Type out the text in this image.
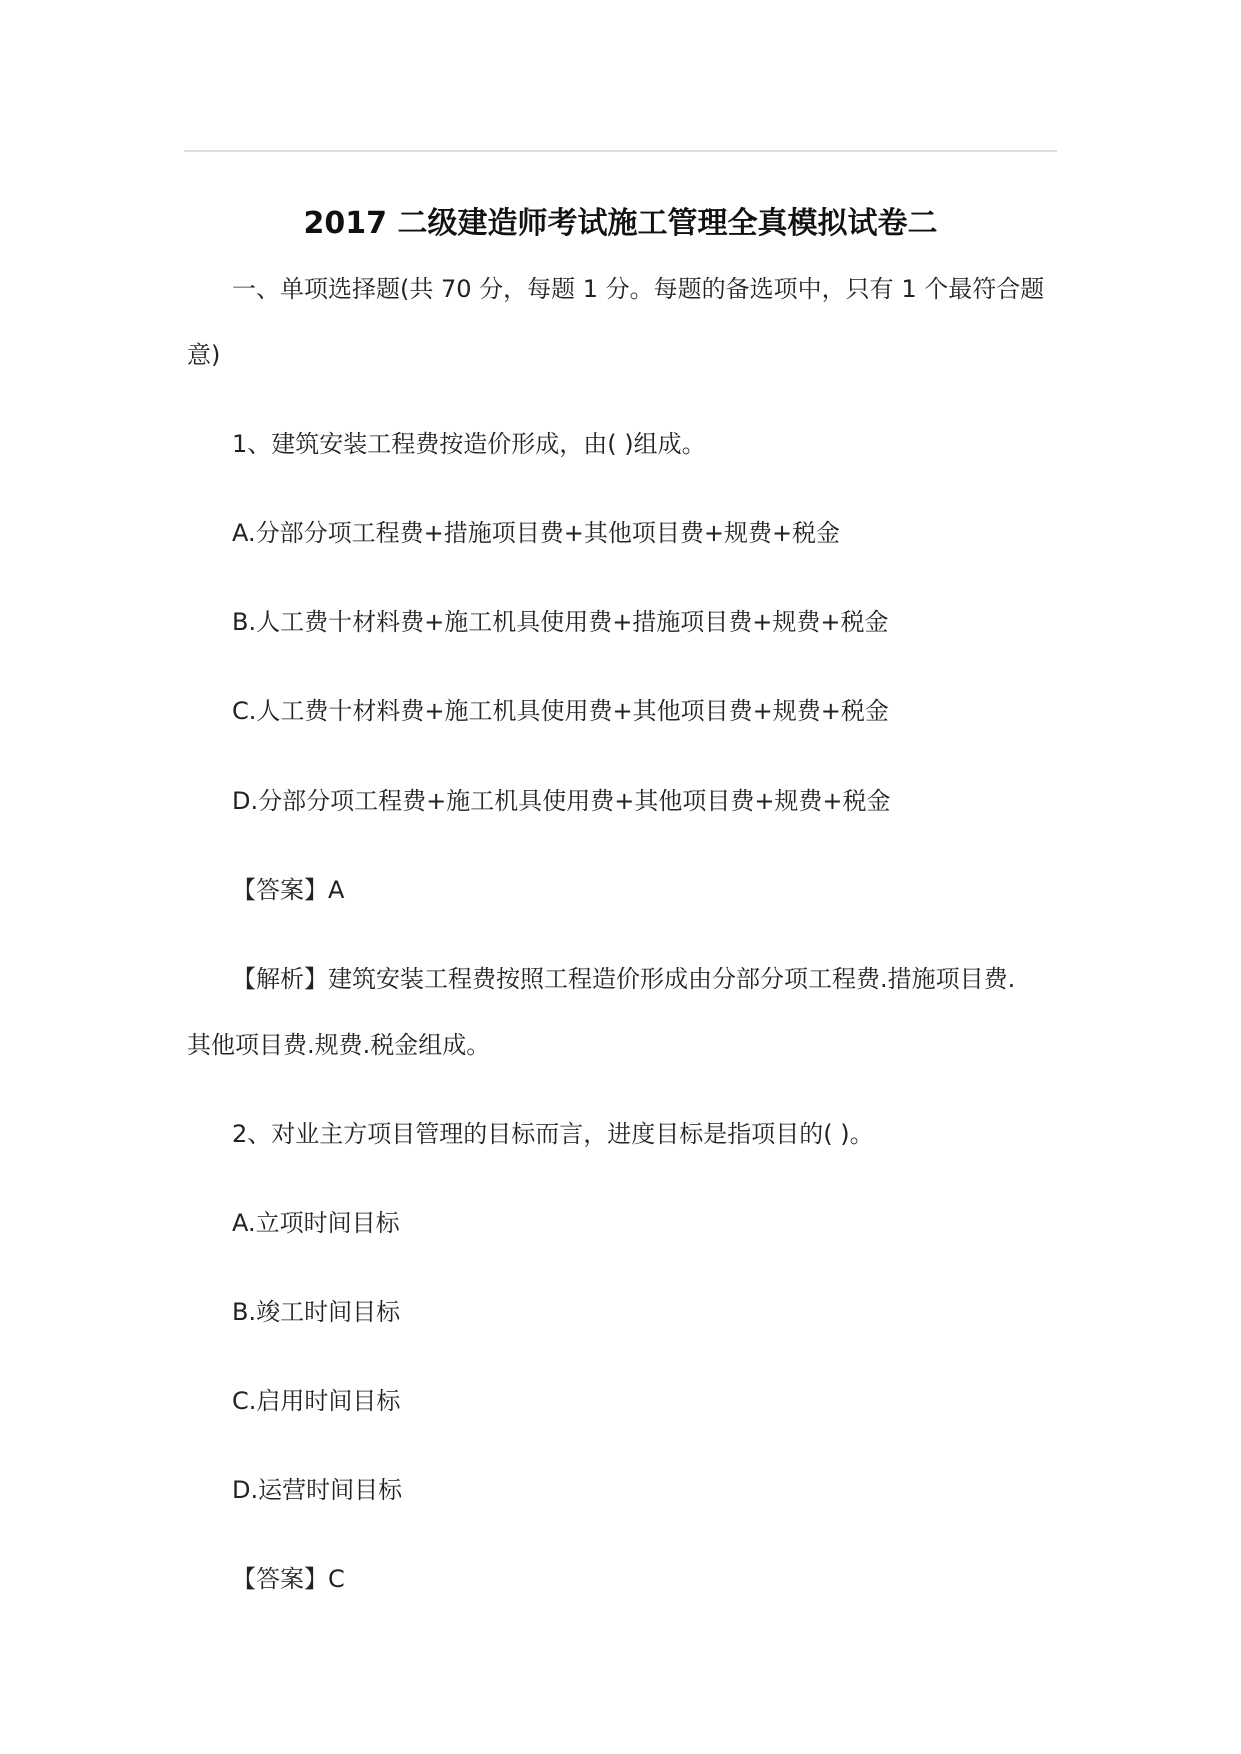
2017 二级建造师考试施工管理全真模拟试卷二
一、单项选择题(共 70 分，每题 1 分。每题的备选项中，只有 1 个最符合题
意)
1、建筑安装工程费按造价形成，由( )组成。
A.分部分项工程费+措施项目费+其他项目费+规费+税金
B.人工费十材料费+施工机具使用费+措施项目费+规费+税金
C.人工费十材料费+施工机具使用费+其他项目费+规费+税金
D.分部分项工程费+施工机具使用费+其他项目费+规费+税金
【答案】A
【解析】建筑安装工程费按照工程造价形成由分部分项工程费.措施项目费.
其他项目费.规费.税金组成。
2、对业主方项目管理的目标而言，进度目标是指项目的( )。
A.立项时间目标
B.竣工时间目标
C.启用时间目标
D.运营时间目标
【答案】C
